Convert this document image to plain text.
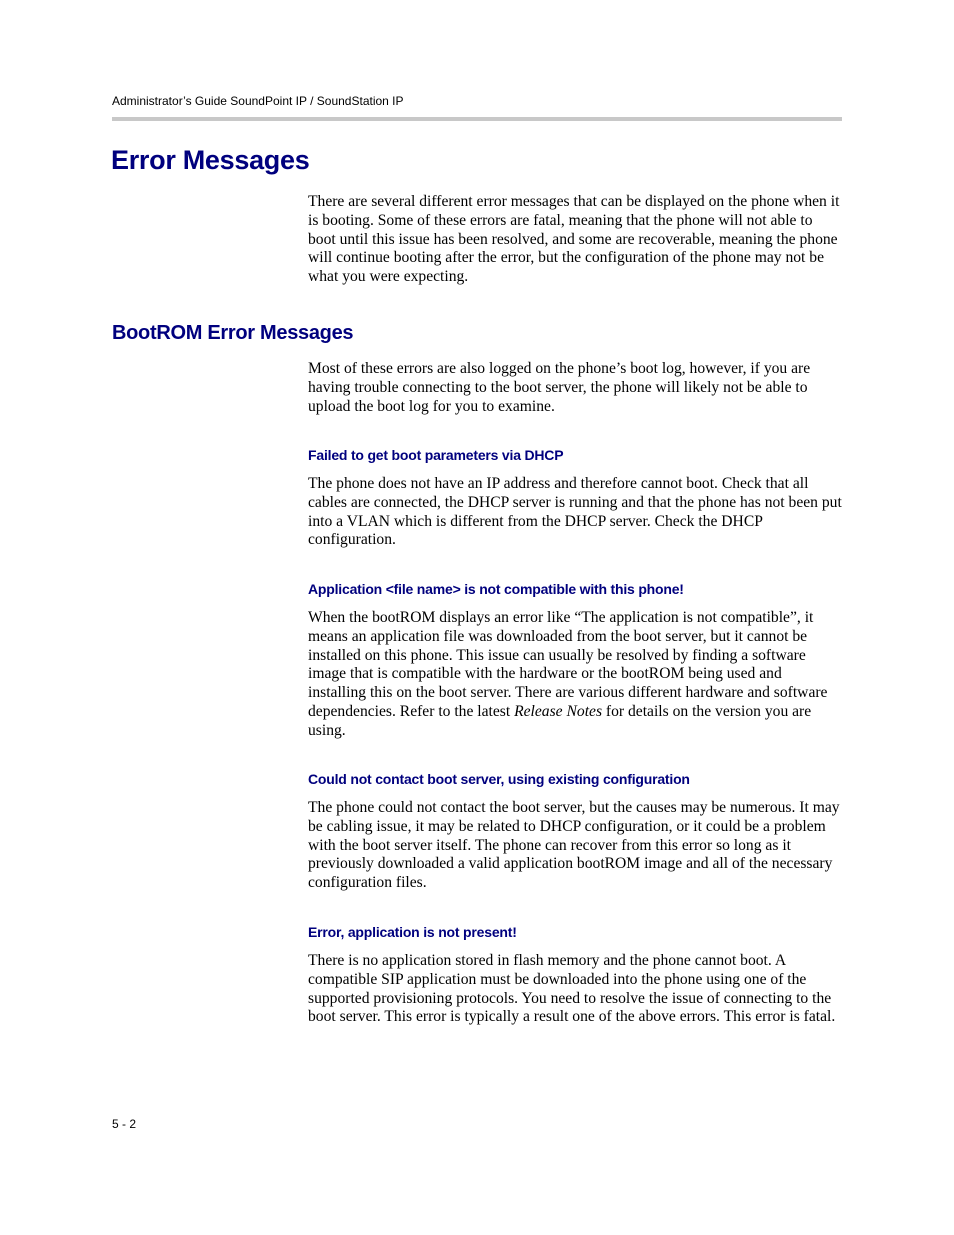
Administrator’s Guide SoundPoint IP / SoundStation IP
Error Messages

There are several different error messages that can be displayed on the phone when it is booting. Some of these errors are fatal, meaning that the phone will not able to boot until this issue has been resolved, and some are recoverable, meaning the phone will continue booting after the error, but the configuration of the phone may not be what you were expecting.

BootROM Error Messages

Most of these errors are also logged on the phone’s boot log, however, if you are having trouble connecting to the boot server, the phone will likely not be able to upload the boot log for you to examine.

Failed to get boot parameters via DHCP

The phone does not have an IP address and therefore cannot boot. Check that all cables are connected, the DHCP server is running and that the phone has not been put into a VLAN which is different from the DHCP server. Check the DHCP configuration.

Application <file name> is not compatible with this phone!

When the bootROM displays an error like “The application is not compatible”, it means an application file was downloaded from the boot server, but it cannot be installed on this phone. This issue can usually be resolved by finding a software image that is compatible with the hardware or the bootROM being used and installing this on the boot server. There are various different hardware and software dependencies. Refer to the latest Release Notes for details on the version you are using.

Could not contact boot server, using existing configuration

The phone could not contact the boot server, but the causes may be numerous. It may be cabling issue, it may be related to DHCP configuration, or it could be a problem with the boot server itself. The phone can recover from this error so long as it previously downloaded a valid application bootROM image and all of the necessary configuration files.

Error, application is not present!

There is no application stored in flash memory and the phone cannot boot. A compatible SIP application must be downloaded into the phone using one of the supported provisioning protocols. You need to resolve the issue of connecting to the boot server. This error is typically a result one of the above errors. This error is fatal.

5 - 2
